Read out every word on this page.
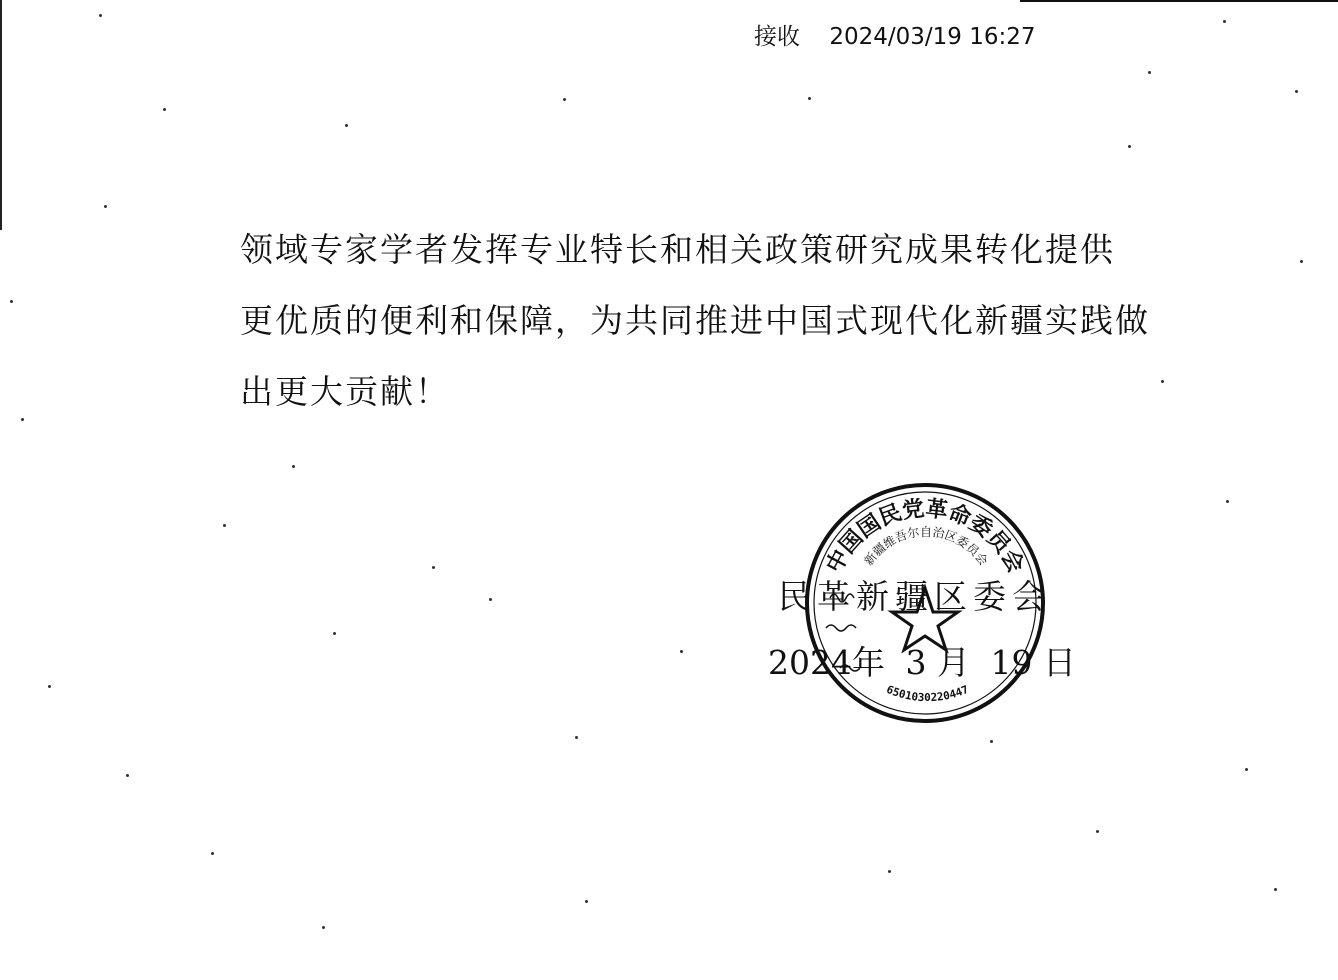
接收 2024/03/19 16:27

领域专家学者发挥专业特长和相关政策研究成果转化提供

更优质的便利和保障，为共同推进中国式现代化新疆实践做

出更大贡献！

中国国民党革命委员会
新疆维吾尔自治区委员会
6501030220447
民革新疆区委会
2024年 3 月 19 日
